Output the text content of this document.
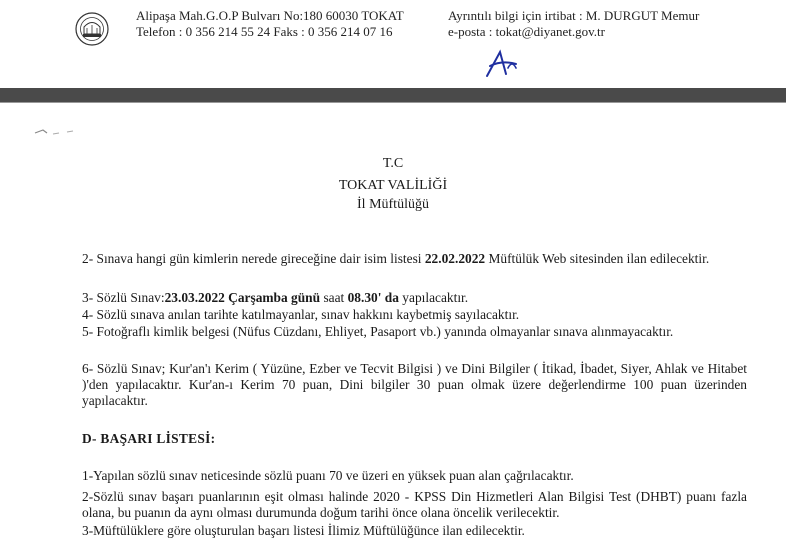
Alipaşa Mah.G.O.P Bulvarı No:180 60030 TOKAT
Telefon : 0 356 214 55 24 Faks : 0 356 214 07 16
Ayrıntılı bilgi için irtibat : M. DURGUT Memur
e-posta : tokat@diyanet.gov.tr
T.C
TOKAT VALİLİĞİ
İl Müftülüğü
2- Sınava hangi gün kimlerin nerede gireceğine dair isim listesi 22.02.2022 Müftülük Web sitesinden ilan edilecektir.
3- Sözlü Sınav:23.03.2022 Çarşamba günü saat 08.30' da yapılacaktır.
4- Sözlü sınava anılan tarihte katılmayanlar, sınav hakkını kaybetmiş sayılacaktır.
5- Fotoğraflı kimlik belgesi (Nüfus Cüzdanı, Ehliyet, Pasaport vb.) yanında olmayanlar sınava alınmayacaktır.
6- Sözlü Sınav; Kur'an'ı Kerim ( Yüzüne, Ezber ve Tecvit Bilgisi ) ve Dini Bilgiler ( İtikad, İbadet, Siyer, Ahlak ve Hitabet )'den yapılacaktır. Kur'an-ı Kerim 70 puan, Dini bilgiler 30 puan olmak üzere değerlendirme 100 puan üzerinden yapılacaktır.
D- BAŞARI LİSTESİ:
1-Yapılan sözlü sınav neticesinde sözlü puanı 70 ve üzeri en yüksek puan alan çağrılacaktır.
2-Sözlü sınav başarı puanlarının eşit olması halinde 2020 - KPSS Din Hizmetleri Alan Bilgisi Test (DHBT) puanı fazla olana, bu puanın da aynı olması durumunda doğum tarihi önce olana öncelik verilecektir.
3-Müftülüklere göre oluşturulan başarı listesi İlimiz Müftülüğünce ilan edilecektir.
